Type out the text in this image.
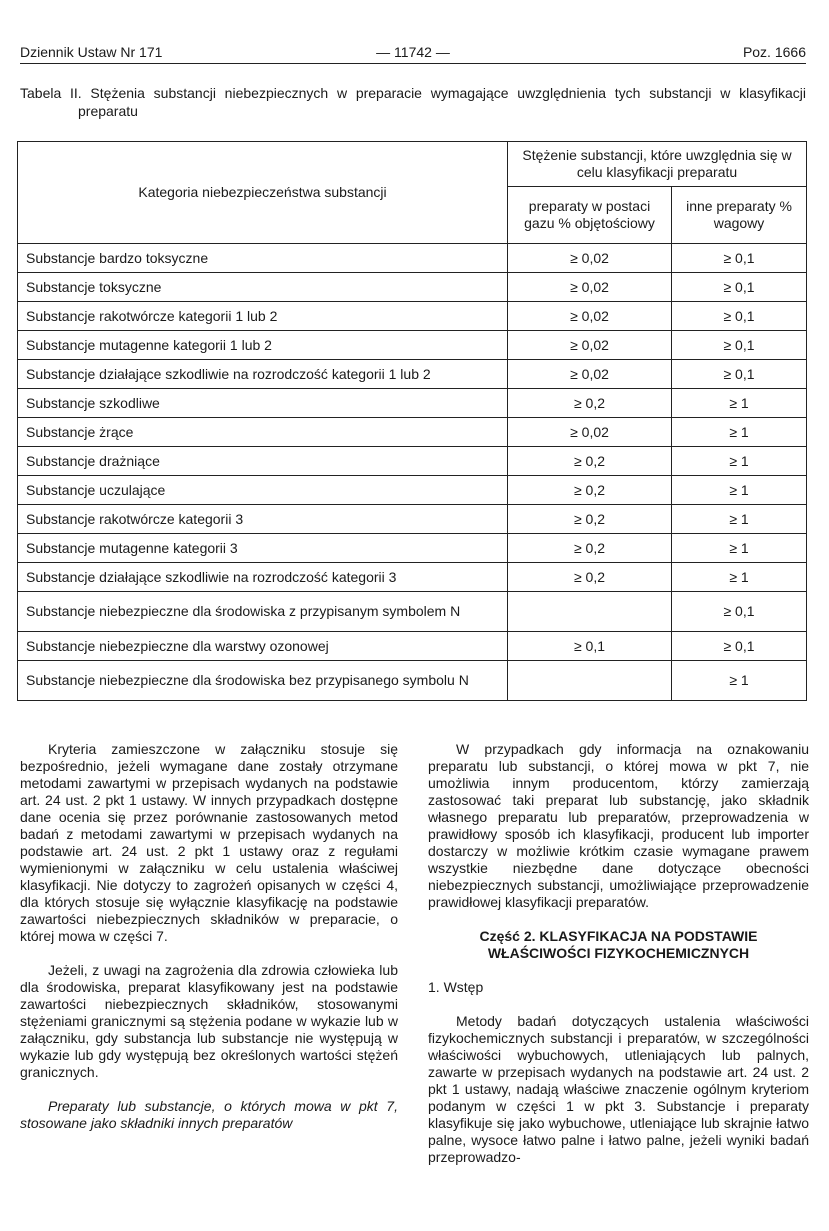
Dziennik Ustaw Nr 171	— 11742 —	Poz. 1666
Tabela II. Stężenia substancji niebezpiecznych w preparacie wymagające uwzględnienia tych substancji w klasyfikacji preparatu
Kategoria niebezpieczeństwa substancji	Stężenie substancji, które uwzględnia się w celu klasyfikacji preparatu	
	preparaty w postaci gazu % objętościowy	inne preparaty % wagowy
Substancje bardzo toksyczne	≥ 0,02	≥ 0,1
Substancje toksyczne	≥ 0,02	≥ 0,1
Substancje rakotwórcze kategorii 1 lub 2	≥ 0,02	≥ 0,1
Substancje mutagenne kategorii 1 lub 2	≥ 0,02	≥ 0,1
Substancje działające szkodliwie na rozrodczość kategorii 1 lub 2	≥ 0,02	≥ 0,1
Substancje szkodliwe	≥ 0,2	≥ 1
Substancje żrące	≥ 0,02	≥ 1
Substancje drażniące	≥ 0,2	≥ 1
Substancje uczulające	≥ 0,2	≥ 1
Substancje rakotwórcze kategorii 3	≥ 0,2	≥ 1
Substancje mutagenne kategorii 3	≥ 0,2	≥ 1
Substancje działające szkodliwie na rozrodczość kategorii 3	≥ 0,2	≥ 1
Substancje niebezpieczne dla środowiska z przypisanym symbolem N		≥ 0,1
Substancje niebezpieczne dla warstwy ozonowej	≥ 0,1	≥ 0,1
Substancje niebezpieczne dla środowiska bez przypisanego symbolu N		≥ 1

Kryteria zamieszczone w załączniku stosuje się bezpośrednio, jeżeli wymagane dane zostały otrzymane metodami zawartymi w przepisach wydanych na podstawie art. 24 ust. 2 pkt 1 ustawy. W innych przypadkach dostępne dane ocenia się przez porównanie zastosowanych metod badań z metodami zawartymi w przepisach wydanych na podstawie art. 24 ust. 2 pkt 1 ustawy oraz z regułami wymienionymi w załączniku w celu ustalenia właściwej klasyfikacji. Nie dotyczy to zagrożeń opisanych w części 4, dla których stosuje się wyłącznie klasyfikację na podstawie zawartości niebezpiecznych składników w preparacie, o której mowa w części 7.

Jeżeli, z uwagi na zagrożenia dla zdrowia człowieka lub dla środowiska, preparat klasyfikowany jest na podstawie zawartości niebezpiecznych składników, stosowanymi stężeniami granicznymi są stężenia podane w wykazie lub w załączniku, gdy substancja lub substancje nie występują w wykazie lub gdy występują bez określonych wartości stężeń granicznych.

Preparaty lub substancje, o których mowa w pkt 7, stosowane jako składniki innych preparatów

W przypadkach gdy informacja na oznakowaniu preparatu lub substancji, o której mowa w pkt 7, nie umożliwia innym producentom, którzy zamierzają zastosować taki preparat lub substancję, jako składnik własnego preparatu lub preparatów, przeprowadzenia w prawidłowy sposób ich klasyfikacji, producent lub importer dostarczy w możliwie krótkim czasie wymagane prawem wszystkie niezbędne dane dotyczące obecności niebezpiecznych substancji, umożliwiające przeprowadzenie prawidłowej klasyfikacji preparatów.

Część 2. KLASYFIKACJA NA PODSTAWIE WŁAŚCIWOŚCI FIZYKOCHEMICZNYCH

1. Wstęp

Metody badań dotyczących ustalenia właściwości fizykochemicznych substancji i preparatów, w szczególności właściwości wybuchowych, utleniających lub palnych, zawarte w przepisach wydanych na podstawie art. 24 ust. 2 pkt 1 ustawy, nadają właściwe znaczenie ogólnym kryteriom podanym w części 1 w pkt 3. Substancje i preparaty klasyfikuje się jako wybuchowe, utleniające lub skrajnie łatwo palne, wysoce łatwo palne i łatwo palne, jeżeli wyniki badań przeprowadzo-
